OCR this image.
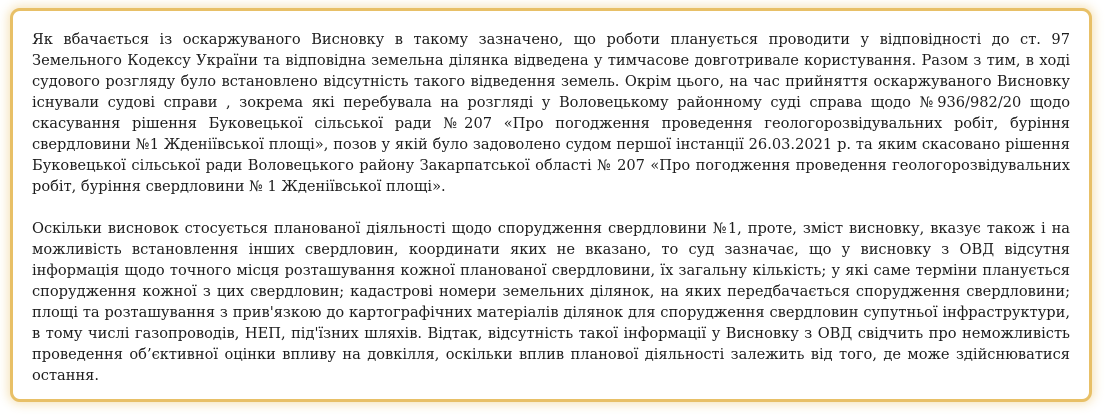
Як вбачається із оскаржуваного Висновку в такому зазначено, що роботи планується проводити у відповідності до ст. 97 Земельного Кодексу України та відповідна земельна ділянка відведена у тимчасове довготривале користування. Разом з тим, в ході судового розгляду було встановлено відсутність такого відведення земель. Окрім цього, на час прийняття оскаржуваного Висновку існували судові справи , зокрема які перебувала на розгляді у Воловецькому районному суді справа щодо №936/982/20 щодо скасування рішення Буковецької сільської ради №207 «Про погодження проведення геологорозвідувальних робіт, буріння свердловини №1 Жденіївської площі», позов у якій було задоволено судом першої інстанції 26.03.2021 р. та яким скасовано рішення Буковецької сільської ради Воловецького району Закарпатської області № 207 «Про погодження проведення геологорозвідувальних робіт, буріння свердловини № 1 Жденіївської площі».

Оскільки висновок стосується планованої діяльності щодо спорудження свердловини №1, проте, зміст висновку, вказує також і на можливість встановлення інших свердловин, координати яких не вказано, то суд зазначає, що у висновку з ОВД відсутня інформація щодо точного місця розташування кожної планованої свердловини, їх загальну кількість; у які саме терміни планується спорудження кожної з цих свердловин; кадастрові номери земельних ділянок, на яких передбачається спорудження свердловини; площі та розташування з прив'язкою до картографічних матеріалів ділянок для спорудження свердловин супутньої інфраструктури, в тому числі газопроводів, НЕП, під'їзних шляхів. Відтак, відсутність такої інформації у Висновку з ОВД свідчить про неможливість проведення об’єктивної оцінки впливу на довкілля, оскільки вплив планової діяльності залежить від того, де може здійснюватися остання.
